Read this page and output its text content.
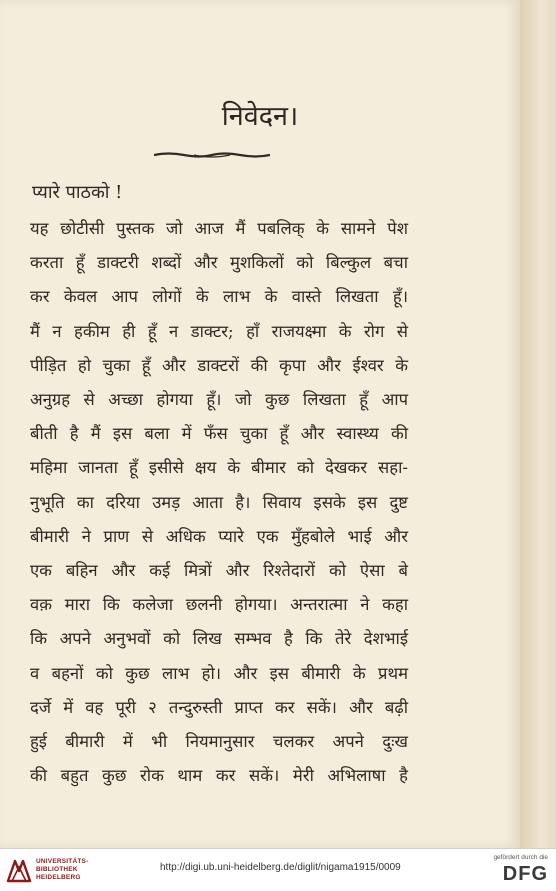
निवेदन।
प्यारे पाठको !
यह छोटीसी पुस्तक जो आज मैं पबलिक् के सामने पेश
करता हूँ डाक्टरी शब्दों और मुशकिलों को बिल्कुल बचा
कर केवल आप लोगों के लाभ के वास्ते लिखता हूँ।
मैं न हकीम ही हूँ न डाक्टर; हाँ राजयक्ष्मा के रोग से
पीड़ित हो चुका हूँ और डाक्टरों की कृपा और ईश्वर के
अनुग्रह से अच्छा होगया हूँ। जो कुछ लिखता हूँ आप
बीती है मैं इस बला में फँस चुका हूँ और स्वास्थ्य की
महिमा जानता हूँ इसीसे क्षय के बीमार को देखकर सहा-
नुभूति का दरिया उमड़ आता है। सिवाय इसके इस दुष्ट
बीमारी ने प्राण से अधिक प्यारे एक मुँहबोले भाई और
एक बहिन और कई मित्रों और रिश्तेदारों को ऐसा बे
वक़ मारा कि कलेजा छलनी होगया। अन्तरात्मा ने कहा
कि अपने अनुभवों को लिख सम्भव है कि तेरे देशभाई
व बहनों को कुछ लाभ हो। और इस बीमारी के प्रथम
दर्जे में वह पूरी २ तन्दुरुस्ती प्राप्त कर सकें। और बढ़ी
हुई बीमारी में भी नियमानुसार चलकर अपने दुःख
की बहुत कुछ रोक थाम कर सकें। मेरी अभिलाषा है
UNIVERSITÄTS-
BIBLIOTHEK
HEIDELBERG
http://digi.ub.uni-heidelberg.de/diglit/nigama1915/0009
gefördert durch die
DFG
